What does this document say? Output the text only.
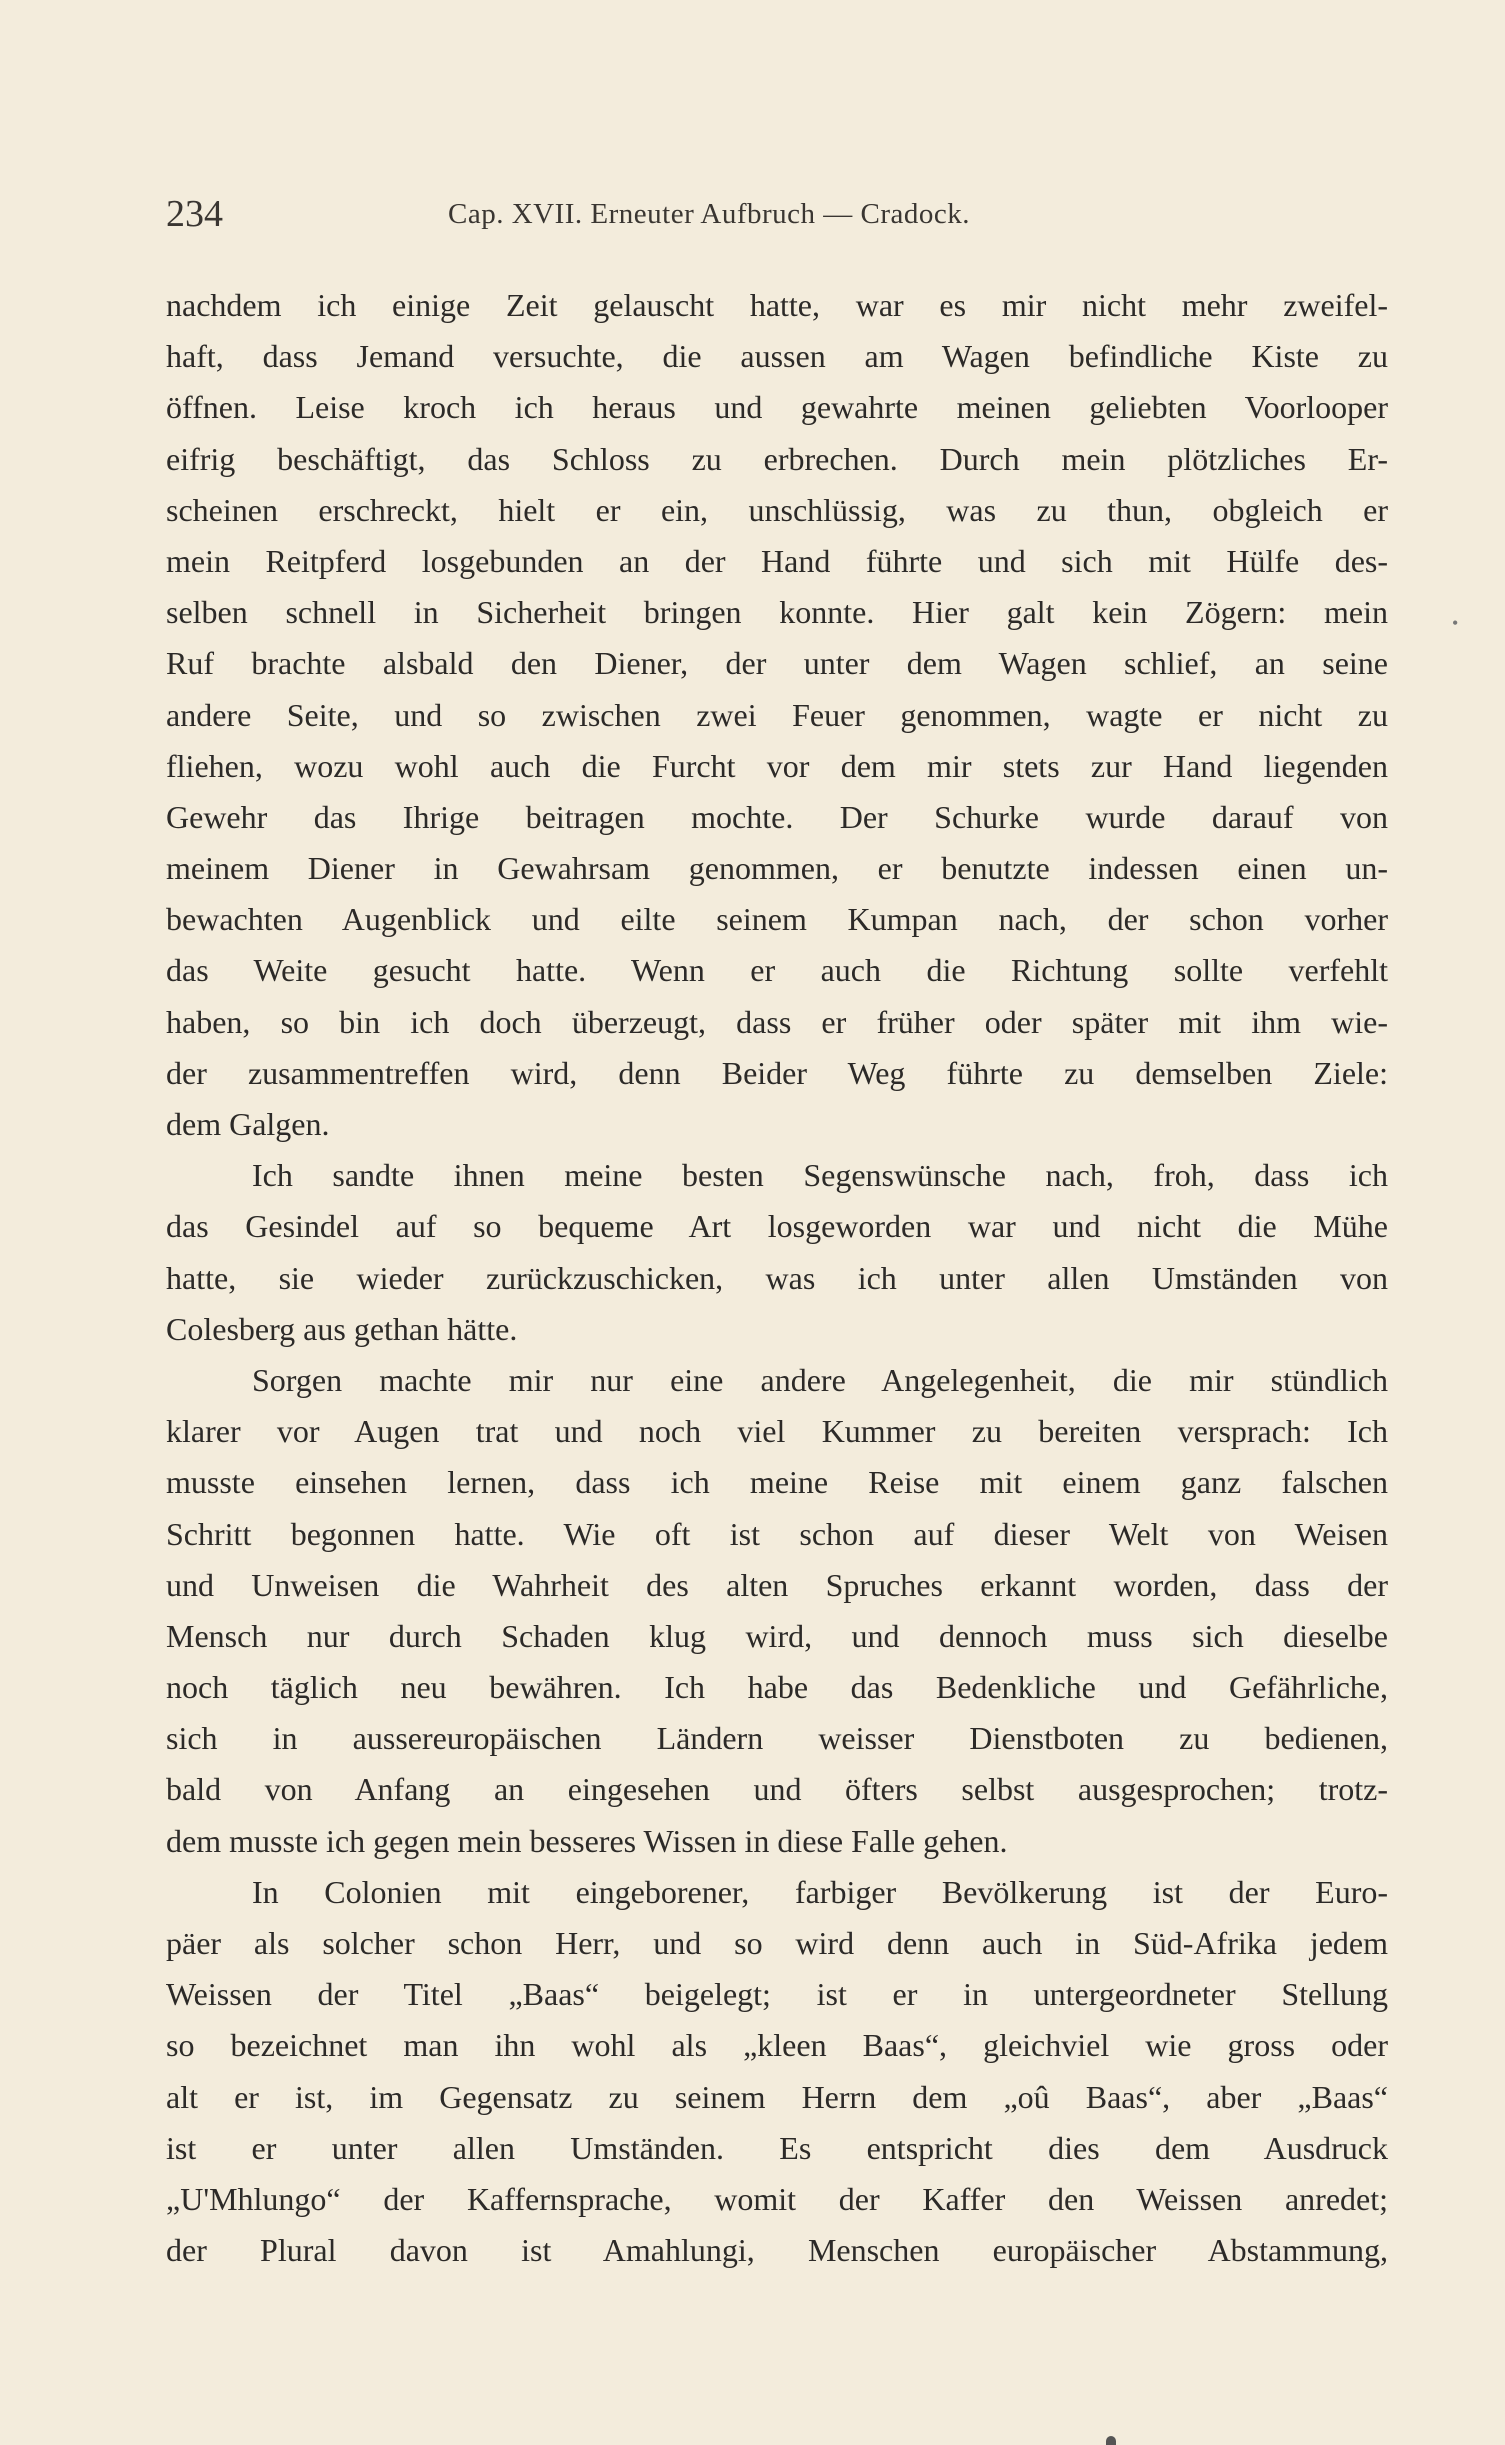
234	Cap. XVII. Erneuter Aufbruch — Cradock.
nachdem ich einige Zeit gelauscht hatte, war es mir nicht mehr zweifel-
haft, dass Jemand versuchte, die aussen am Wagen befindliche Kiste zu
öffnen. Leise kroch ich heraus und gewahrte meinen geliebten Voorlooper
eifrig beschäftigt, das Schloss zu erbrechen. Durch mein plötzliches Er-
scheinen erschreckt, hielt er ein, unschlüssig, was zu thun, obgleich er
mein Reitpferd losgebunden an der Hand führte und sich mit Hülfe des-
selben schnell in Sicherheit bringen konnte. Hier galt kein Zögern: mein
Ruf brachte alsbald den Diener, der unter dem Wagen schlief, an seine
andere Seite, und so zwischen zwei Feuer genommen, wagte er nicht zu
fliehen, wozu wohl auch die Furcht vor dem mir stets zur Hand liegenden
Gewehr das Ihrige beitragen mochte. Der Schurke wurde darauf von
meinem Diener in Gewahrsam genommen, er benutzte indessen einen un-
bewachten Augenblick und eilte seinem Kumpan nach, der schon vorher
das Weite gesucht hatte. Wenn er auch die Richtung sollte verfehlt
haben, so bin ich doch überzeugt, dass er früher oder später mit ihm wie-
der zusammentreffen wird, denn Beider Weg führte zu demselben Ziele:
dem Galgen.
Ich sandte ihnen meine besten Segenswünsche nach, froh, dass ich
das Gesindel auf so bequeme Art losgeworden war und nicht die Mühe
hatte, sie wieder zurückzuschicken, was ich unter allen Umständen von
Colesberg aus gethan hätte.
Sorgen machte mir nur eine andere Angelegenheit, die mir stündlich
klarer vor Augen trat und noch viel Kummer zu bereiten versprach: Ich
musste einsehen lernen, dass ich meine Reise mit einem ganz falschen
Schritt begonnen hatte. Wie oft ist schon auf dieser Welt von Weisen
und Unweisen die Wahrheit des alten Spruches erkannt worden, dass der
Mensch nur durch Schaden klug wird, und dennoch muss sich dieselbe
noch täglich neu bewähren. Ich habe das Bedenkliche und Gefährliche,
sich in aussereuropäischen Ländern weisser Dienstboten zu bedienen,
bald von Anfang an eingesehen und öfters selbst ausgesprochen; trotz-
dem musste ich gegen mein besseres Wissen in diese Falle gehen.
In Colonien mit eingeborener, farbiger Bevölkerung ist der Euro-
päer als solcher schon Herr, und so wird denn auch in Süd-Afrika jedem
Weissen der Titel „Baas“ beigelegt; ist er in untergeordneter Stellung
so bezeichnet man ihn wohl als „kleen Baas“, gleichviel wie gross oder
alt er ist, im Gegensatz zu seinem Herrn dem „oû Baas“, aber „Baas“
ist er unter allen Umständen. Es entspricht dies dem Ausdruck
„U'Mhlungo“ der Kaffernsprache, womit der Kaffer den Weissen anredet;
der Plural davon ist Amahlungi, Menschen europäischer Abstammung,
•
